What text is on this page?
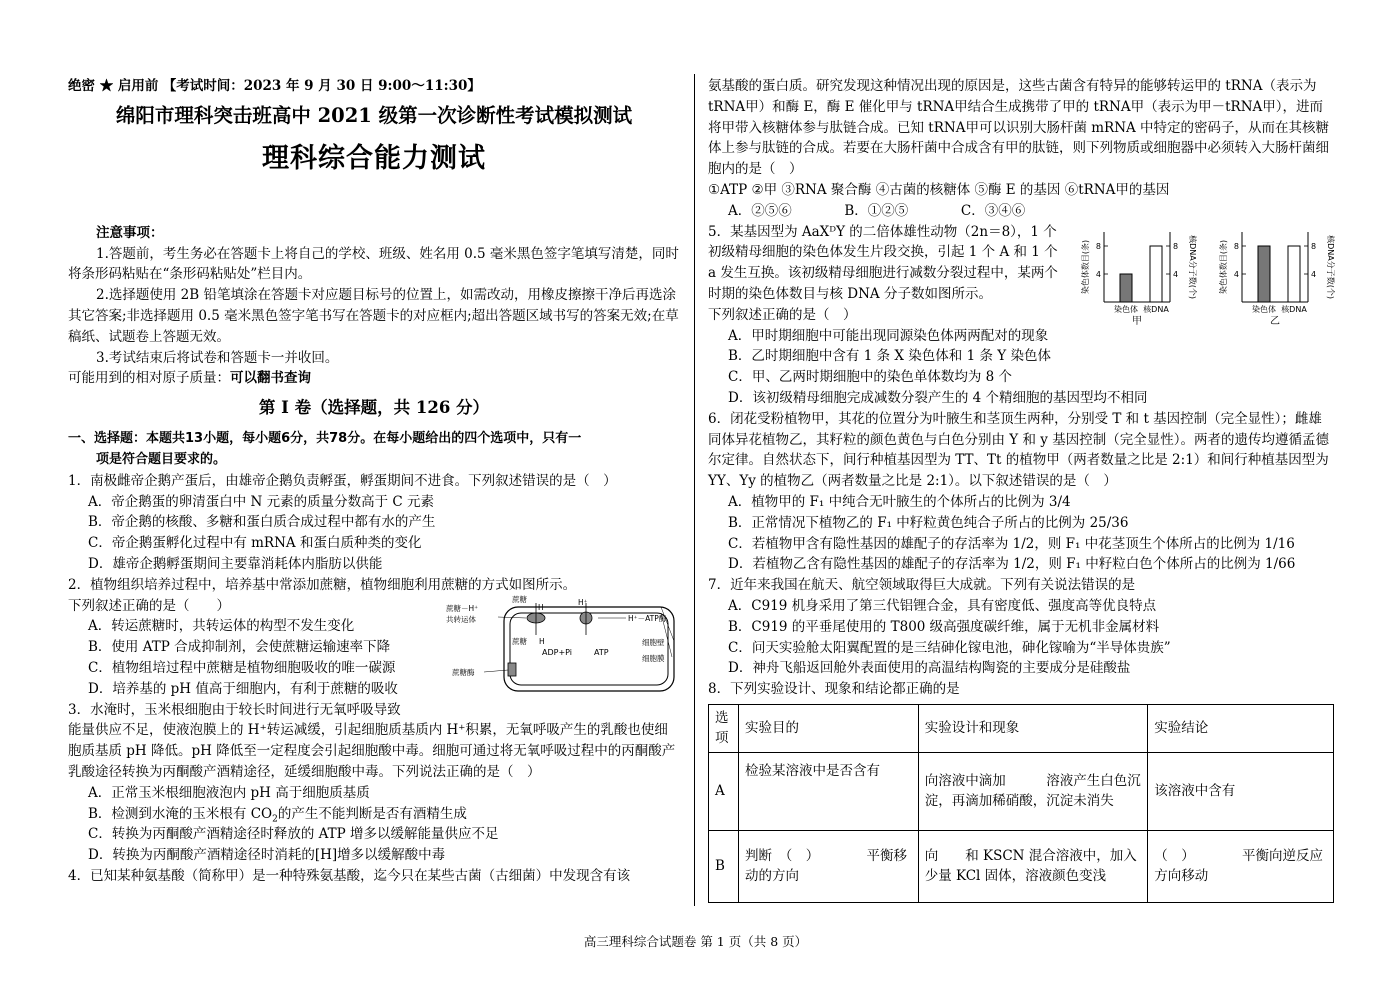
绝密 ★ 启用前 【考试时间：2023 年 9 月 30 日 9:00～11:30】

绵阳市理科突击班高中 2021 级第一次诊断性考试模拟测试

理科综合能力测试

注意事项：

1.答题前，考生务必在答题卡上将自己的学校、班级、姓名用 0.5 毫米黑色签字笔填写清楚，同时将条形码粘贴在“条形码粘贴处”栏目内。

2.选择题使用 2B 铅笔填涂在答题卡对应题目标号的位置上，如需改动，用橡皮擦擦干净后再选涂其它答案;非选择题用 0.5 毫米黑色签字笔书写在答题卡的对应框内;超出答题区域书写的答案无效;在草稿纸、试题卷上答题无效。

3.考试结束后将试卷和答题卡一并收回。

可能用到的相对原子质量：可以翻书查询

第 Ⅰ 卷（选择题，共 126 分）

一、选择题：本题共13小题，每小题6分，共78分。在每小题给出的四个选项中，只有一

项是符合题目要求的。

1．南极雌帝企鹅产蛋后，由雄帝企鹅负责孵蛋，孵蛋期间不进食。下列叙述错误的是（　）

A．帝企鹅蛋的卵清蛋白中 N 元素的质量分数高于 C 元素

B．帝企鹅的核酸、多糖和蛋白质合成过程中都有水的产生

C．帝企鹅蛋孵化过程中有 mRNA 和蛋白质种类的变化

D．雄帝企鹅孵蛋期间主要靠消耗体内脂肪以供能

2．植物组织培养过程中，培养基中常添加蔗糖，植物细胞利用蔗糖的方式如图所示。

下列叙述正确的是（　　）

A．转运蔗糖时，共转运体的构型不发生变化

B．使用 ATP 合成抑制剂，会使蔗糖运输速率下降

C．植物组培过程中蔗糖是植物细胞吸收的唯一碳源

D．培养基的 pH 值高于细胞内，有利于蔗糖的吸收

3．水淹时，玉米根细胞由于较长时间进行无氧呼吸导致

蔗糖－H⁺
共转运体
蔗糖
H
H⁺
H⁺－ATP酶
蔗糖 H
ADP+Pi	ATP
细胞壁
细胞膜
蔗糖酶

能量供应不足，使液泡膜上的 H⁺转运减缓，引起细胞质基质内 H⁺积累，无氧呼吸产生的乳酸也使细胞质基质 pH 降低。pH 降低至一定程度会引起细胞酸中毒。细胞可通过将无氧呼吸过程中的丙酮酸产乳酸途径转换为丙酮酸产酒精途径，延缓细胞酸中毒。下列说法正确的是（　）

A．正常玉米根细胞液泡内 pH 高于细胞质基质

B．检测到水淹的玉米根有 $CO_2$的产生不能判断是否有酒精生成

C．转换为丙酮酸产酒精途径时释放的 ATP 增多以缓解能量供应不足

D．转换为丙酮酸产酒精途径时消耗的[H]增多以缓解酸中毒

4．已知某种氨基酸（简称甲）是一种特殊氨基酸，迄今只在某些古菌（古细菌）中发现含有该

氨基酸的蛋白质。研究发现这种情况出现的原因是，这些古菌含有特异的能够转运甲的 tRNA（表示为 tRNA甲）和酶 E，酶 E 催化甲与 tRNA甲结合生成携带了甲的 tRNA甲（表示为甲－tRNA甲），进而将甲带入核糖体参与肽链合成。已知 tRNA甲可以识别大肠杆菌 mRNA 中特定的密码子，从而在其核糖体上参与肽链的合成。若要在大肠杆菌中合成含有甲的肽链，则下列物质或细胞器中必须转入大肠杆菌细胞内的是（　）

①ATP ②甲 ③RNA 聚合酶 ④古菌的核糖体 ⑤酶 E 的基因 ⑥tRNA甲的基因

A．②⑤⑥	B．①②⑤	C．③④⑥

5．某基因型为 AaXᴰY 的二倍体雄性动物（2n＝8），1 个初级精母细胞的染色体发生片段交换，引起 1 个 A 和 1 个 a 发生互换。该初级精母细胞进行减数分裂过程中，某两个时期的染色体数目与核 DNA 分子数如图所示。

下列叙述正确的是（　）

4	4
8	8
染色体 核DNA
染色体数目(条)	核DNA分子数(个)
甲
4	4
8	8
染色体 核DNA
染色体数目(条)	核DNA分子数(个)
乙

A．甲时期细胞中可能出现同源染色体两两配对的现象

B．乙时期细胞中含有 1 条 X 染色体和 1 条 Y 染色体

C．甲、乙两时期细胞中的染色单体数均为 8 个

D．该初级精母细胞完成减数分裂产生的 4 个精细胞的基因型均不相同

6．闭花受粉植物甲，其花的位置分为叶腋生和茎顶生两种，分别受 T 和 t 基因控制（完全显性）；雌雄同体异花植物乙，其籽粒的颜色黄色与白色分别由 Y 和 y 基因控制（完全显性）。两者的遗传均遵循孟德尔定律。自然状态下，间行种植基因型为 TT、Tt 的植物甲（两者数量之比是 2:1）和间行种植基因型为 YY、Yy 的植物乙（两者数量之比是 2:1）。以下叙述错误的是（　）

A．植物甲的 F₁ 中纯合无叶腋生的个体所占的比例为 3/4

B．正常情况下植物乙的 F₁ 中籽粒黄色纯合子所占的比例为 25/36

C．若植物甲含有隐性基因的雄配子的存活率为 1/2，则 F₁ 中花茎顶生个体所占的比例为 1/16

D．若植物乙含有隐性基因的雄配子的存活率为 1/2，则 F₁ 中籽粒白色个体所占的比例为 1/66

7．近年来我国在航天、航空领域取得巨大成就。下列有关说法错误的是

A．C919 机身采用了第三代铝锂合金，具有密度低、强度高等优良特点

B．C919 的平垂尾使用的 T800 级高强度碳纤维，属于无机非金属材料

C．问天实验舱太阳翼配置的是三结砷化镓电池，砷化镓喻为“半导体贵族”

D．神舟飞船返回舱外表面使用的高温结构陶瓷的主要成分是硅酸盐

8．下列实验设计、现象和结论都正确的是

选项	实验目的	实验设计和现象	实验结论
A	检验某溶液中是否含有	向溶液中滴加　　　溶液产生白色沉淀，再滴加稀硝酸，沉淀未消失	该溶液中含有
B	判断　（　）　　　　平衡移动的方向	向　　和 KSCN 混合溶液中，加入少量 KCl 固体，溶液颜色变浅	（　）　　　　平衡向逆反应方向移动
高三理科综合试题卷 第 1 页（共 8 页）
